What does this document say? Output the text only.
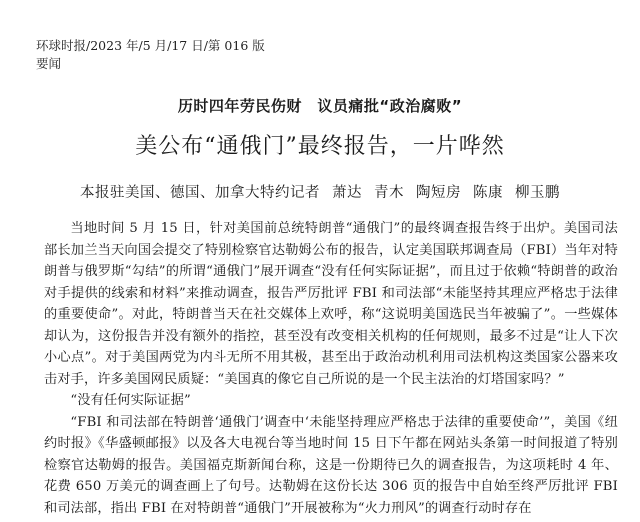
环球时报/2023 年/5 月/17 日/第 016 版
要闻
历时四年劳民伤财　议员痛批“政治腐败”
美公布“通俄门”最终报告，一片哗然
本报驻美国、德国、加拿大特约记者 萧达 青木 陶短房 陈康 柳玉鹏

当地时间 5 月 15 日，针对美国前总统特朗普“通俄门”的最终调查报告终于出炉。美国司法部长加兰当天向国会提交了特别检察官达勒姆公布的报告，认定美国联邦调查局（FBI）当年对特朗普与俄罗斯“勾结”的所谓“通俄门”展开调查“没有任何实际证据”，而且过于依赖“特朗普的政治对手提供的线索和材料”来推动调查，报告严厉批评 FBI 和司法部“未能坚持其理应严格忠于法律的重要使命”。对此，特朗普当天在社交媒体上欢呼，称“这说明美国选民当年被骗了”。一些媒体却认为，这份报告并没有额外的指控，甚至没有改变相关机构的任何规则，最多不过是“让人下次小心点”。对于美国两党为内斗无所不用其极，甚至出于政治动机利用司法机构这类国家公器来攻击对手，许多美国网民质疑：“美国真的像它自己所说的是一个民主法治的灯塔国家吗？”

“没有任何实际证据”

“FBI 和司法部在特朗普‘通俄门’调查中‘未能坚持理应严格忠于法律的重要使命’”，美国《纽约时报》《华盛顿邮报》以及各大电视台等当地时间 15 日下午都在网站头条第一时间报道了特别检察官达勒姆的报告。美国福克斯新闻台称，这是一份期待已久的调查报告，为这项耗时 4 年、花费 650 万美元的调查画上了句号。达勒姆在这份长达 306 页的报告中自始至终严厉批评 FBI 和司法部，指出 FBI 在对特朗普“通俄门”开展被称为“火力刑风”的调查行动时存在
